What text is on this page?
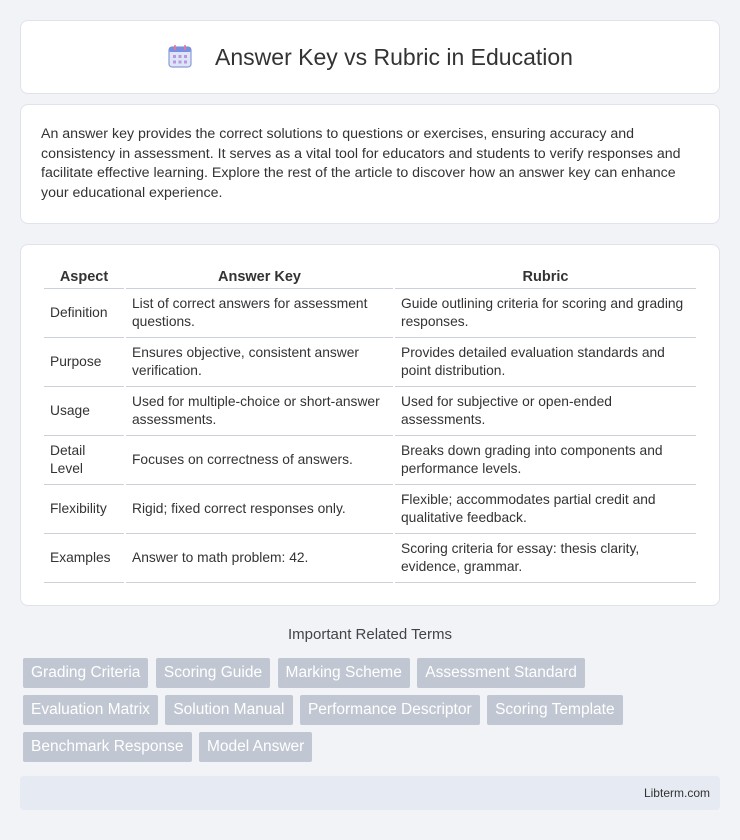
Answer Key vs Rubric in Education

An answer key provides the correct solutions to questions or exercises, ensuring accuracy and consistency in assessment. It serves as a vital tool for educators and students to verify responses and facilitate effective learning. Explore the rest of the article to discover how an answer key can enhance your educational experience.

Aspect	Answer Key	Rubric
Definition	List of correct answers for assessment questions.	Guide outlining criteria for scoring and grading responses.
Purpose	Ensures objective, consistent answer verification.	Provides detailed evaluation standards and point distribution.
Usage	Used for multiple-choice or short-answer assessments.	Used for subjective or open-ended assessments.
Detail Level	Focuses on correctness of answers.	Breaks down grading into components and performance levels.
Flexibility	Rigid; fixed correct responses only.	Flexible; accommodates partial credit and qualitative feedback.
Examples	Answer to math problem: 42.	Scoring criteria for essay: thesis clarity, evidence, grammar.
Important Related Terms
Grading Criteria Scoring Guide Marking Scheme Assessment Standard Evaluation Matrix Solution Manual Performance Descriptor Scoring Template Benchmark Response Model Answer
Libterm.com
